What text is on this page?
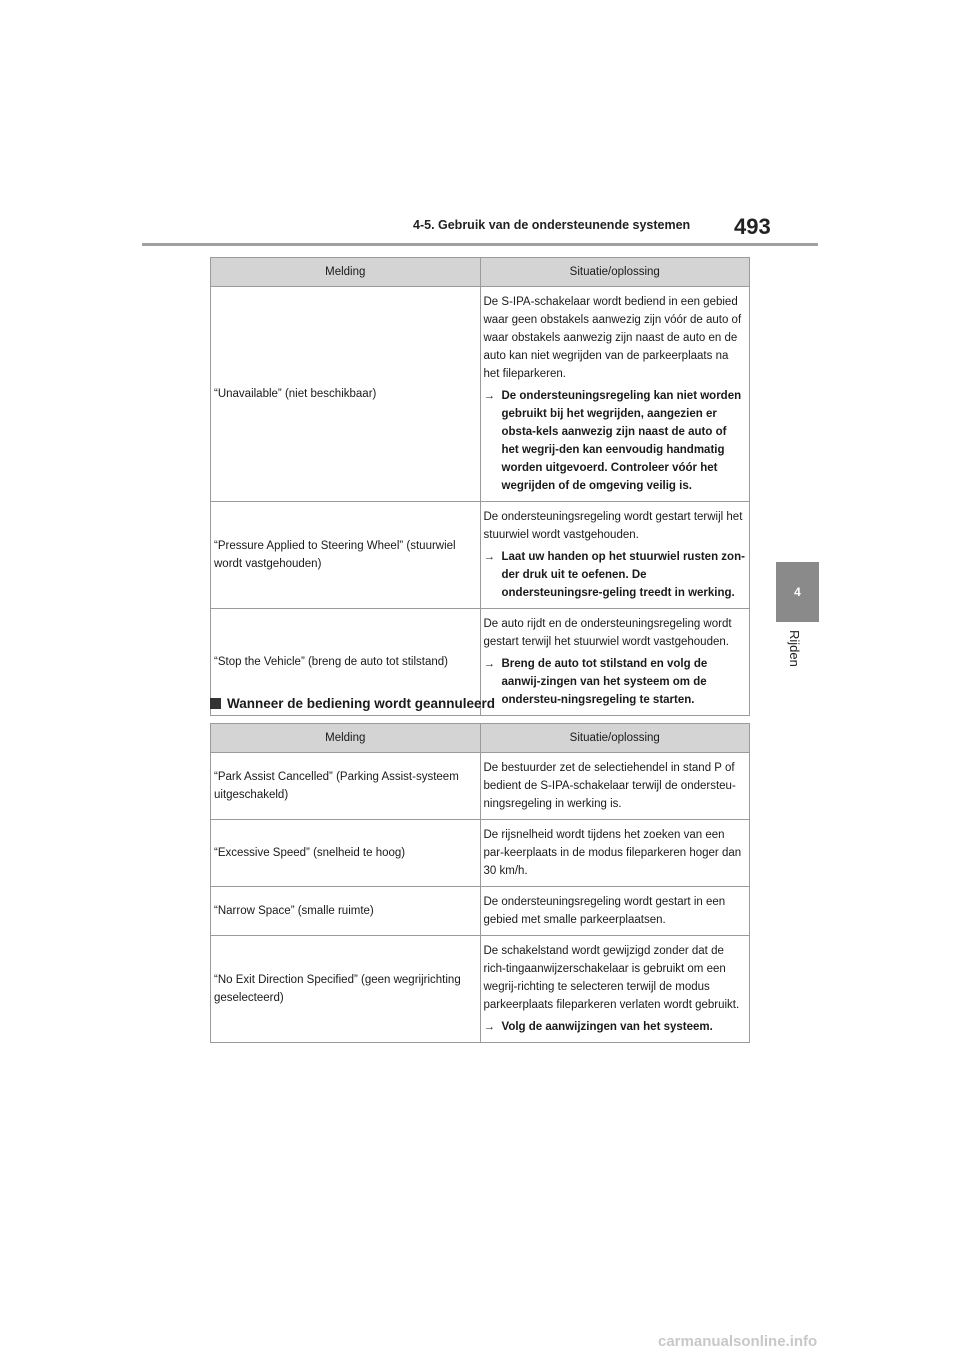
4-5. Gebruik van de ondersteunende systemen 493
4
Rijden
Melding	Situatie/oplossing
“Unavailable” (niet beschikbaar)	De S-IPA-schakelaar wordt bediend in een gebied waar geen obstakels aanwezig zijn vóór de auto of waar obstakels aanwezig zijn naast de auto en de auto kan niet wegrijden van de parkeerplaats na het fileparkeren.

→ De ondersteuningsregeling kan niet worden gebruikt bij het wegrijden, aangezien er obsta-kels aanwezig zijn naast de auto of het wegrij-den kan eenvoudig handmatig worden uitgevoerd. Controleer vóór het wegrijden of de omgeving veilig is.

“Pressure Applied to Steering Wheel” (stuurwiel wordt vastgehouden)	De ondersteuningsregeling wordt gestart terwijl het stuurwiel wordt vastgehouden.

→ Laat uw handen op het stuurwiel rusten zon-der druk uit te oefenen. De ondersteuningsre-geling treedt in werking.

“Stop the Vehicle” (breng de auto tot stilstand)	De auto rijdt en de ondersteuningsregeling wordt gestart terwijl het stuurwiel wordt vastgehouden.

→ Breng de auto tot stilstand en volg de aanwij-zingen van het systeem om de ondersteu-ningsregeling te starten.

Wanneer de bediening wordt geannuleerd
Melding	Situatie/oplossing
“Park Assist Cancelled” (Parking Assist-systeem uitgeschakeld)	De bestuurder zet de selectiehendel in stand P of bedient de S-IPA-schakelaar terwijl de ondersteu-ningsregeling in werking is.

“Excessive Speed” (snelheid te hoog)	De rijsnelheid wordt tijdens het zoeken van een par-keerplaats in de modus fileparkeren hoger dan 30 km/h.

“Narrow Space” (smalle ruimte)	De ondersteuningsregeling wordt gestart in een gebied met smalle parkeerplaatsen.

“No Exit Direction Specified” (geen wegrijrichting geselecteerd)	De schakelstand wordt gewijzigd zonder dat de rich-tingaanwijzerschakelaar is gebruikt om een wegrij-richting te selecteren terwijl de modus parkeerplaats fileparkeren verlaten wordt gebruikt.

→ Volg de aanwijzingen van het systeem.

carmanualsonline.info
